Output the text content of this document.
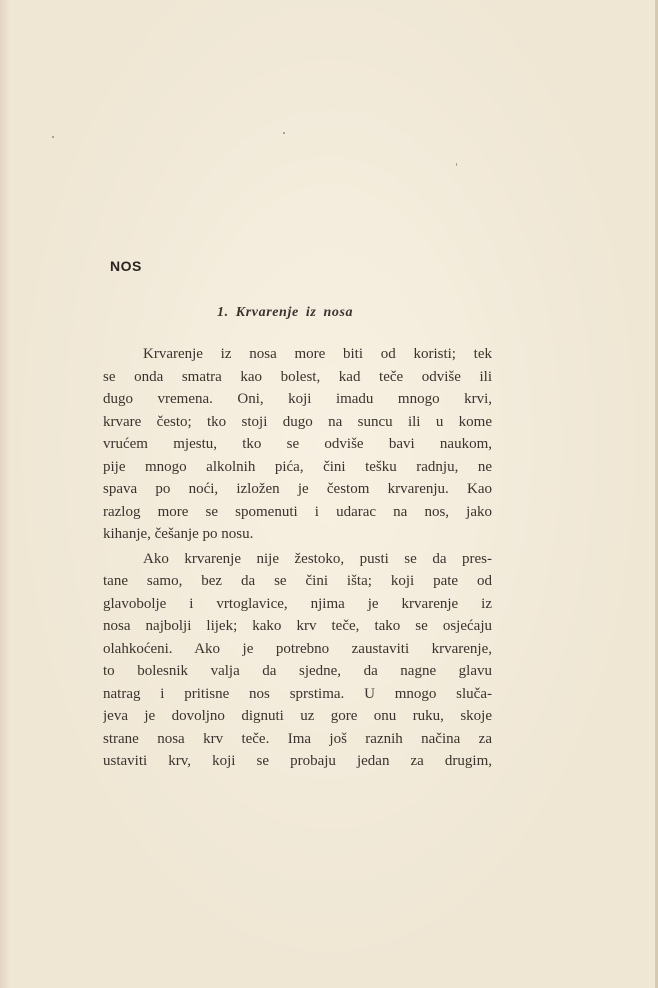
NOS
1. Krvarenje iz nosa
Krvarenje iz nosa more biti od koristi; tek
se onda smatra kao bolest, kad teče odviše ili
dugo vremena. Oni, koji imadu mnogo krvi,
krvare često; tko stoji dugo na suncu ili u kome
vrućem mjestu, tko se odviše bavi naukom,
pije mnogo alkolnih pića, čini tešku radnju, ne
spava po noći, izložen je čestom krvarenju. Kao
razlog more se spomenuti i udarac na nos, jako
kihanje, češanje po nosu.
Ako krvarenje nije žestoko, pusti se da pres-
tane samo, bez da se čini išta; koji pate od
glavobolje i vrtoglavice, njima je krvarenje iz
nosa najbolji lijek; kako krv teče, tako se osjećaju
olahkoćeni. Ako je potrebno zaustaviti krvarenje,
to bolesnik valja da sjedne, da nagne glavu
natrag i pritisne nos sprstima. U mnogo sluča-
jeva je dovoljno dignuti uz gore onu ruku, skoje
strane nosa krv teče. Ima još raznih načina za
ustaviti krv, koji se probaju jedan za drugim,
